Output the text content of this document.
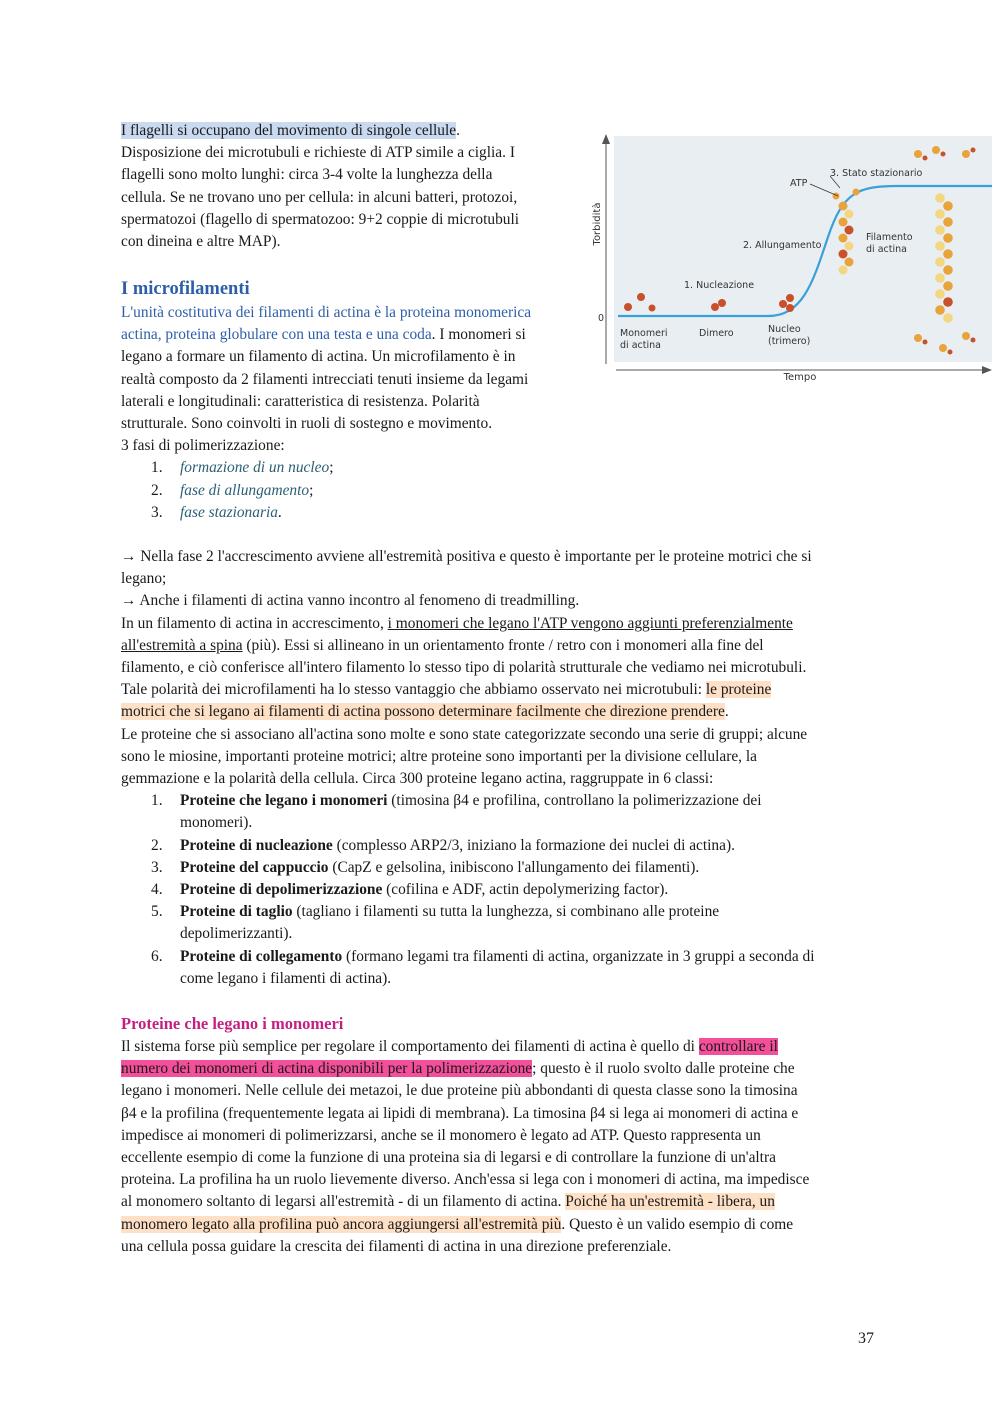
I flagelli si occupano del movimento di singole cellule.
Disposizione dei microtubuli e richieste di ATP simile a ciglia. I
flagelli sono molto lunghi: circa 3-4 volte la lunghezza della
cellula. Se ne trovano uno per cellula: in alcuni batteri, protozoi,
spermatozoi (flagello di spermatozoo: 9+2 coppie di microtubuli
con dineina e altre MAP).
I microfilamenti
L'unità costitutiva dei filamenti di actina è la proteina monomerica
actina, proteina globulare con una testa e una coda. I monomeri si
legano a formare un filamento di actina. Un microfilamento è in
realtà composto da 2 filamenti intrecciati tenuti insieme da legami
laterali e longitudinali: caratteristica di resistenza. Polarità
strutturale. Sono coinvolti in ruoli di sostegno e movimento.
3 fasi di polimerizzazione:
1. formazione di un nucleo;
2. fase di allungamento;
3. fase stazionaria.
Torbidità
Tempo
0
3. Stato stazionario
ATP
2. Allungamento
Filamento
di actina
1. Nucleazione
Monomeri
di actina
Dimero	Nucleo
(trimero)
→ Nella fase 2 l'accrescimento avviene all'estremità positiva e questo è importante per le proteine motrici che si
legano;
→ Anche i filamenti di actina vanno incontro al fenomeno di treadmilling.
In un filamento di actina in accrescimento, i monomeri che legano l'ATP vengono aggiunti preferenzialmente
all'estremità a spina (più). Essi si allineano in un orientamento fronte / retro con i monomeri alla fine del
filamento, e ciò conferisce all'intero filamento lo stesso tipo di polarità strutturale che vediamo nei microtubuli.
Tale polarità dei microfilamenti ha lo stesso vantaggio che abbiamo osservato nei microtubuli: le proteine
motrici che si legano ai filamenti di actina possono determinare facilmente che direzione prendere.
Le proteine che si associano all'actina sono molte e sono state categorizzate secondo una serie di gruppi; alcune
sono le miosine, importanti proteine motrici; altre proteine sono importanti per la divisione cellulare, la
gemmazione e la polarità della cellula. Circa 300 proteine legano actina, raggruppate in 6 classi:
1. Proteine che legano i monomeri (timosina β4 e profilina, controllano la polimerizzazione dei
monomeri).
2. Proteine di nucleazione (complesso ARP2/3, iniziano la formazione dei nuclei di actina).
3. Proteine del cappuccio (CapZ e gelsolina, inibiscono l'allungamento dei filamenti).
4. Proteine di depolimerizzazione (cofilina e ADF, actin depolymerizing factor).
5. Proteine di taglio (tagliano i filamenti su tutta la lunghezza, si combinano alle proteine
depolimerizzanti).
6. Proteine di collegamento (formano legami tra filamenti di actina, organizzate in 3 gruppi a seconda di
come legano i filamenti di actina).
Proteine che legano i monomeri
Il sistema forse più semplice per regolare il comportamento dei filamenti di actina è quello di controllare il
numero dei monomeri di actina disponibili per la polimerizzazione; questo è il ruolo svolto dalle proteine che
legano i monomeri. Nelle cellule dei metazoi, le due proteine più abbondanti di questa classe sono la timosina
β4 e la profilina (frequentemente legata ai lipidi di membrana). La timosina β4 si lega ai monomeri di actina e
impedisce ai monomeri di polimerizzarsi, anche se il monomero è legato ad ATP. Questo rappresenta un
eccellente esempio di come la funzione di una proteina sia di legarsi e di controllare la funzione di un'altra
proteina. La profilina ha un ruolo lievemente diverso. Anch'essa si lega con i monomeri di actina, ma impedisce
al monomero soltanto di legarsi all'estremità - di un filamento di actina. Poiché ha un'estremità - libera, un
monomero legato alla profilina può ancora aggiungersi all'estremità più. Questo è un valido esempio di come
una cellula possa guidare la crescita dei filamenti di actina in una direzione preferenziale.
37
